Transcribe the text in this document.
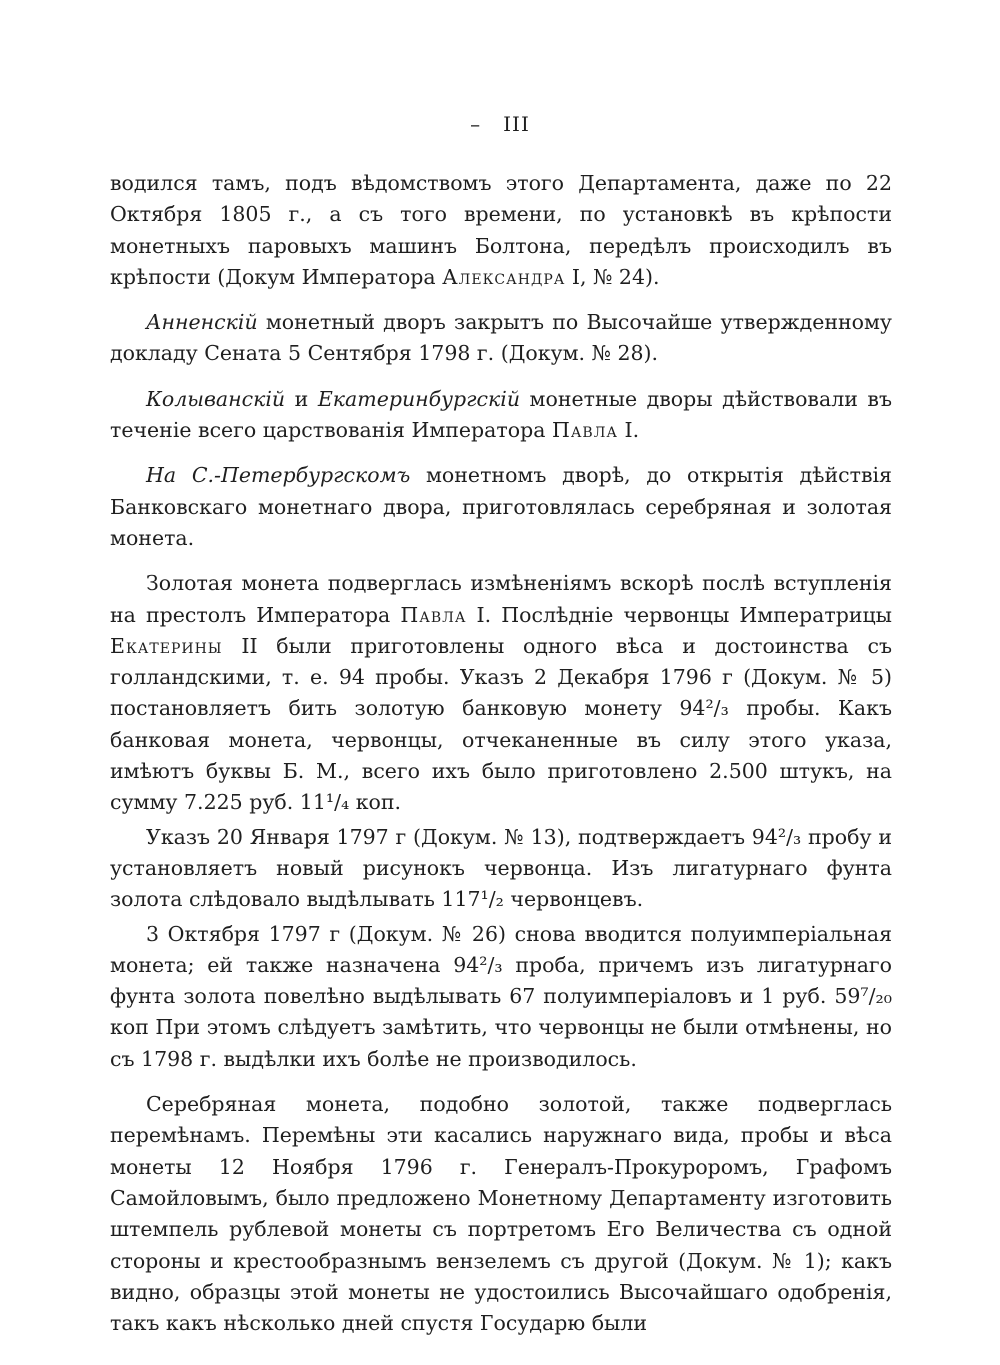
– III

водился тамъ, подъ вѣдомствомъ этого Департамента, даже по 22 Октября 1805 г., а съ того времени, по установкѣ въ крѣпости монетныхъ паровыхъ машинъ Болтона, передѣлъ происходилъ въ крѣпости (Докум Императора Александра I, № 24).

Анненскій монетный дворъ закрытъ по Высочайше утвержденному докладу Сената 5 Сентября 1798 г. (Докум. № 28).

Колыванскій и Екатеринбургскій монетные дворы дѣйствовали въ теченіе всего царствованія Императора Павла I.

На С.-Петербургскомъ монетномъ дворѣ, до открытія дѣйствія Банковскаго монетнаго двора, приготовлялась серебряная и золотая монета.

Золотая монета подверглась измѣненіямъ вскорѣ послѣ вступленія на престолъ Императора Павла I. Послѣдніе червонцы Императрицы Екатерины II были приготовлены одного вѣса и достоинства съ голландскими, т. е. 94 пробы. Указъ 2 Декабря 1796 г (Докум. № 5) постановляетъ бить золотую банковую монету 94²/₃ пробы. Какъ банковая монета, червонцы, отчеканенные въ силу этого указа, имѣютъ буквы Б. М., всего ихъ было приготовлено 2.500 штукъ, на сумму 7.225 руб. 11¹/₄ коп.

Указъ 20 Января 1797 г (Докум. № 13), подтверждаетъ 94²/₃ пробу и установляетъ новый рисунокъ червонца. Изъ лигатурнаго фунта золота слѣдовало выдѣлывать 117¹/₂ червонцевъ.

3 Октября 1797 г (Докум. № 26) снова вводится полуимперіальная монета; ей также назначена 94²/₃ проба, причемъ изъ лигатурнаго фунта золота повелѣно выдѣлывать 67 полуимперіаловъ и 1 руб. 59⁷/₂₀ коп При этомъ слѣдуетъ замѣтить, что червонцы не были отмѣнены, но съ 1798 г. выдѣлки ихъ болѣе не производилось.

Серебряная монета, подобно золотой, также подверглась перемѣнамъ. Перемѣны эти касались наружнаго вида, пробы и вѣса монеты 12 Ноября 1796 г. Генералъ-Прокуроромъ, Графомъ Самойловымъ, было предложено Монетному Департаменту изготовить штемпель рублевой монеты съ портретомъ Его Величества съ одной стороны и крестообразнымъ вензелемъ съ другой (Докум. № 1); какъ видно, образцы этой монеты не удостоились Высочайшаго одобренія, такъ какъ нѣсколько дней спустя Государю были
